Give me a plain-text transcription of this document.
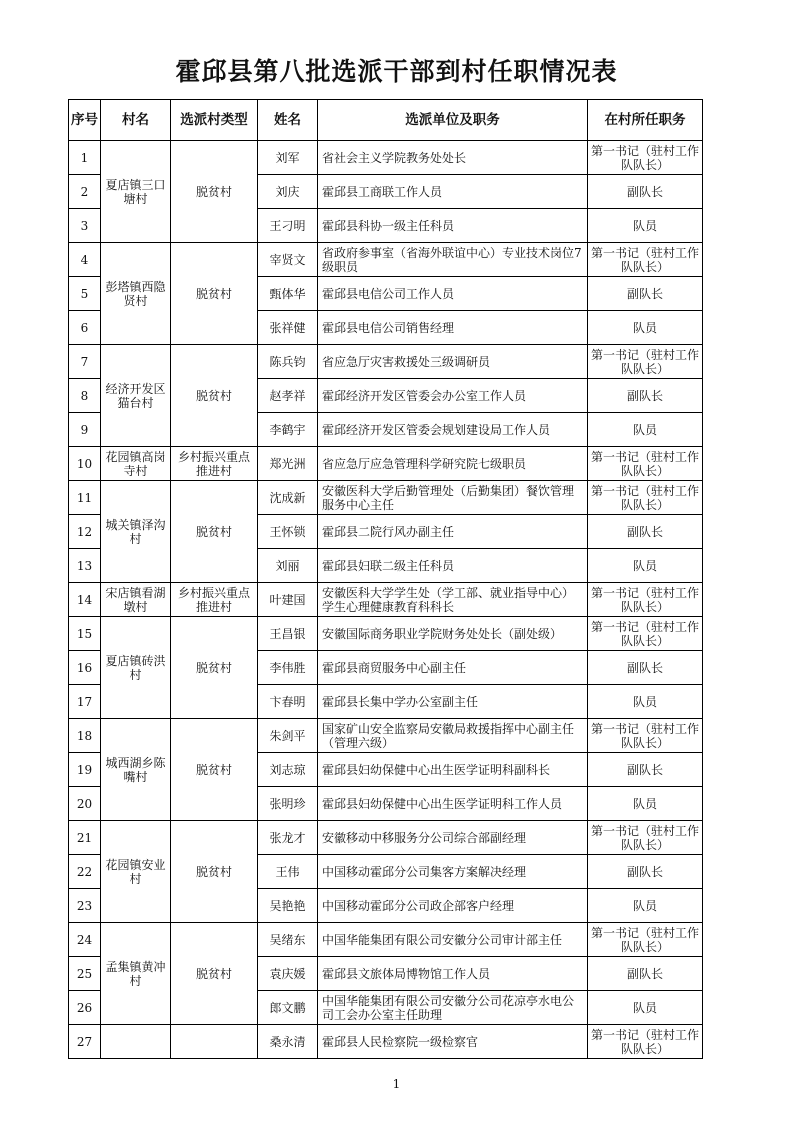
霍邱县第八批选派干部到村任职情况表
序号	村名	选派村类型	姓名	选派单位及职务	在村所任职务
1	夏店镇三口塘村	脱贫村	刘军	省社会主义学院教务处处长	第一书记（驻村工作队队长）
2			刘庆	霍邱县工商联工作人员	副队长
3			王刁明	霍邱县科协一级主任科员	队员
4	彭塔镇西隐贤村	脱贫村	宰贤文	省政府参事室（省海外联谊中心）专业技术岗位7级职员	第一书记（驻村工作队队长）
5			甄体华	霍邱县电信公司工作人员	副队长
6			张祥健	霍邱县电信公司销售经理	队员
7	经济开发区猫台村	脱贫村	陈兵钧	省应急厅灾害救援处三级调研员	第一书记（驻村工作队队长）
8			赵孝祥	霍邱经济开发区管委会办公室工作人员	副队长
9			李鹤宇	霍邱经济开发区管委会规划建设局工作人员	队员
10	花园镇高岗寺村	乡村振兴重点推进村	郑光洲	省应急厅应急管理科学研究院七级职员	第一书记（驻村工作队队长）
11	城关镇泽沟村	脱贫村	沈成新	安徽医科大学后勤管理处（后勤集团）餐饮管理服务中心主任	第一书记（驻村工作队队长）
12			王怀锁	霍邱县二院行风办副主任	副队长
13			刘丽	霍邱县妇联二级主任科员	队员
14	宋店镇看湖墩村	乡村振兴重点推进村	叶建国	安徽医科大学学生处（学工部、就业指导中心）学生心理健康教育科科长	第一书记（驻村工作队队长）
15	夏店镇砖洪村	脱贫村	王昌银	安徽国际商务职业学院财务处处长（副处级）	第一书记（驻村工作队队长）
16			李伟胜	霍邱县商贸服务中心副主任	副队长
17			卞春明	霍邱县长集中学办公室副主任	队员
18	城西湖乡陈嘴村	脱贫村	朱剑平	国家矿山安全监察局安徽局救援指挥中心副主任（管理六级）	第一书记（驻村工作队队长）
19			刘志琼	霍邱县妇幼保健中心出生医学证明科副科长	副队长
20			张明珍	霍邱县妇幼保健中心出生医学证明科工作人员	队员
21	花园镇安业村	脱贫村	张龙才	安徽移动中移服务分公司综合部副经理	第一书记（驻村工作队队长）
22			王伟	中国移动霍邱分公司集客方案解决经理	副队长
23			吴艳艳	中国移动霍邱分公司政企部客户经理	队员
24	孟集镇黄冲村	脱贫村	吴绪东	中国华能集团有限公司安徽分公司审计部主任	第一书记（驻村工作队队长）
25			袁庆媛	霍邱县文旅体局博物馆工作人员	副队长
26			郎文鹏	中国华能集团有限公司安徽分公司花凉亭水电公司工会办公室主任助理	队员
27			桑永清	霍邱县人民检察院一级检察官	第一书记（驻村工作队队长）
1
